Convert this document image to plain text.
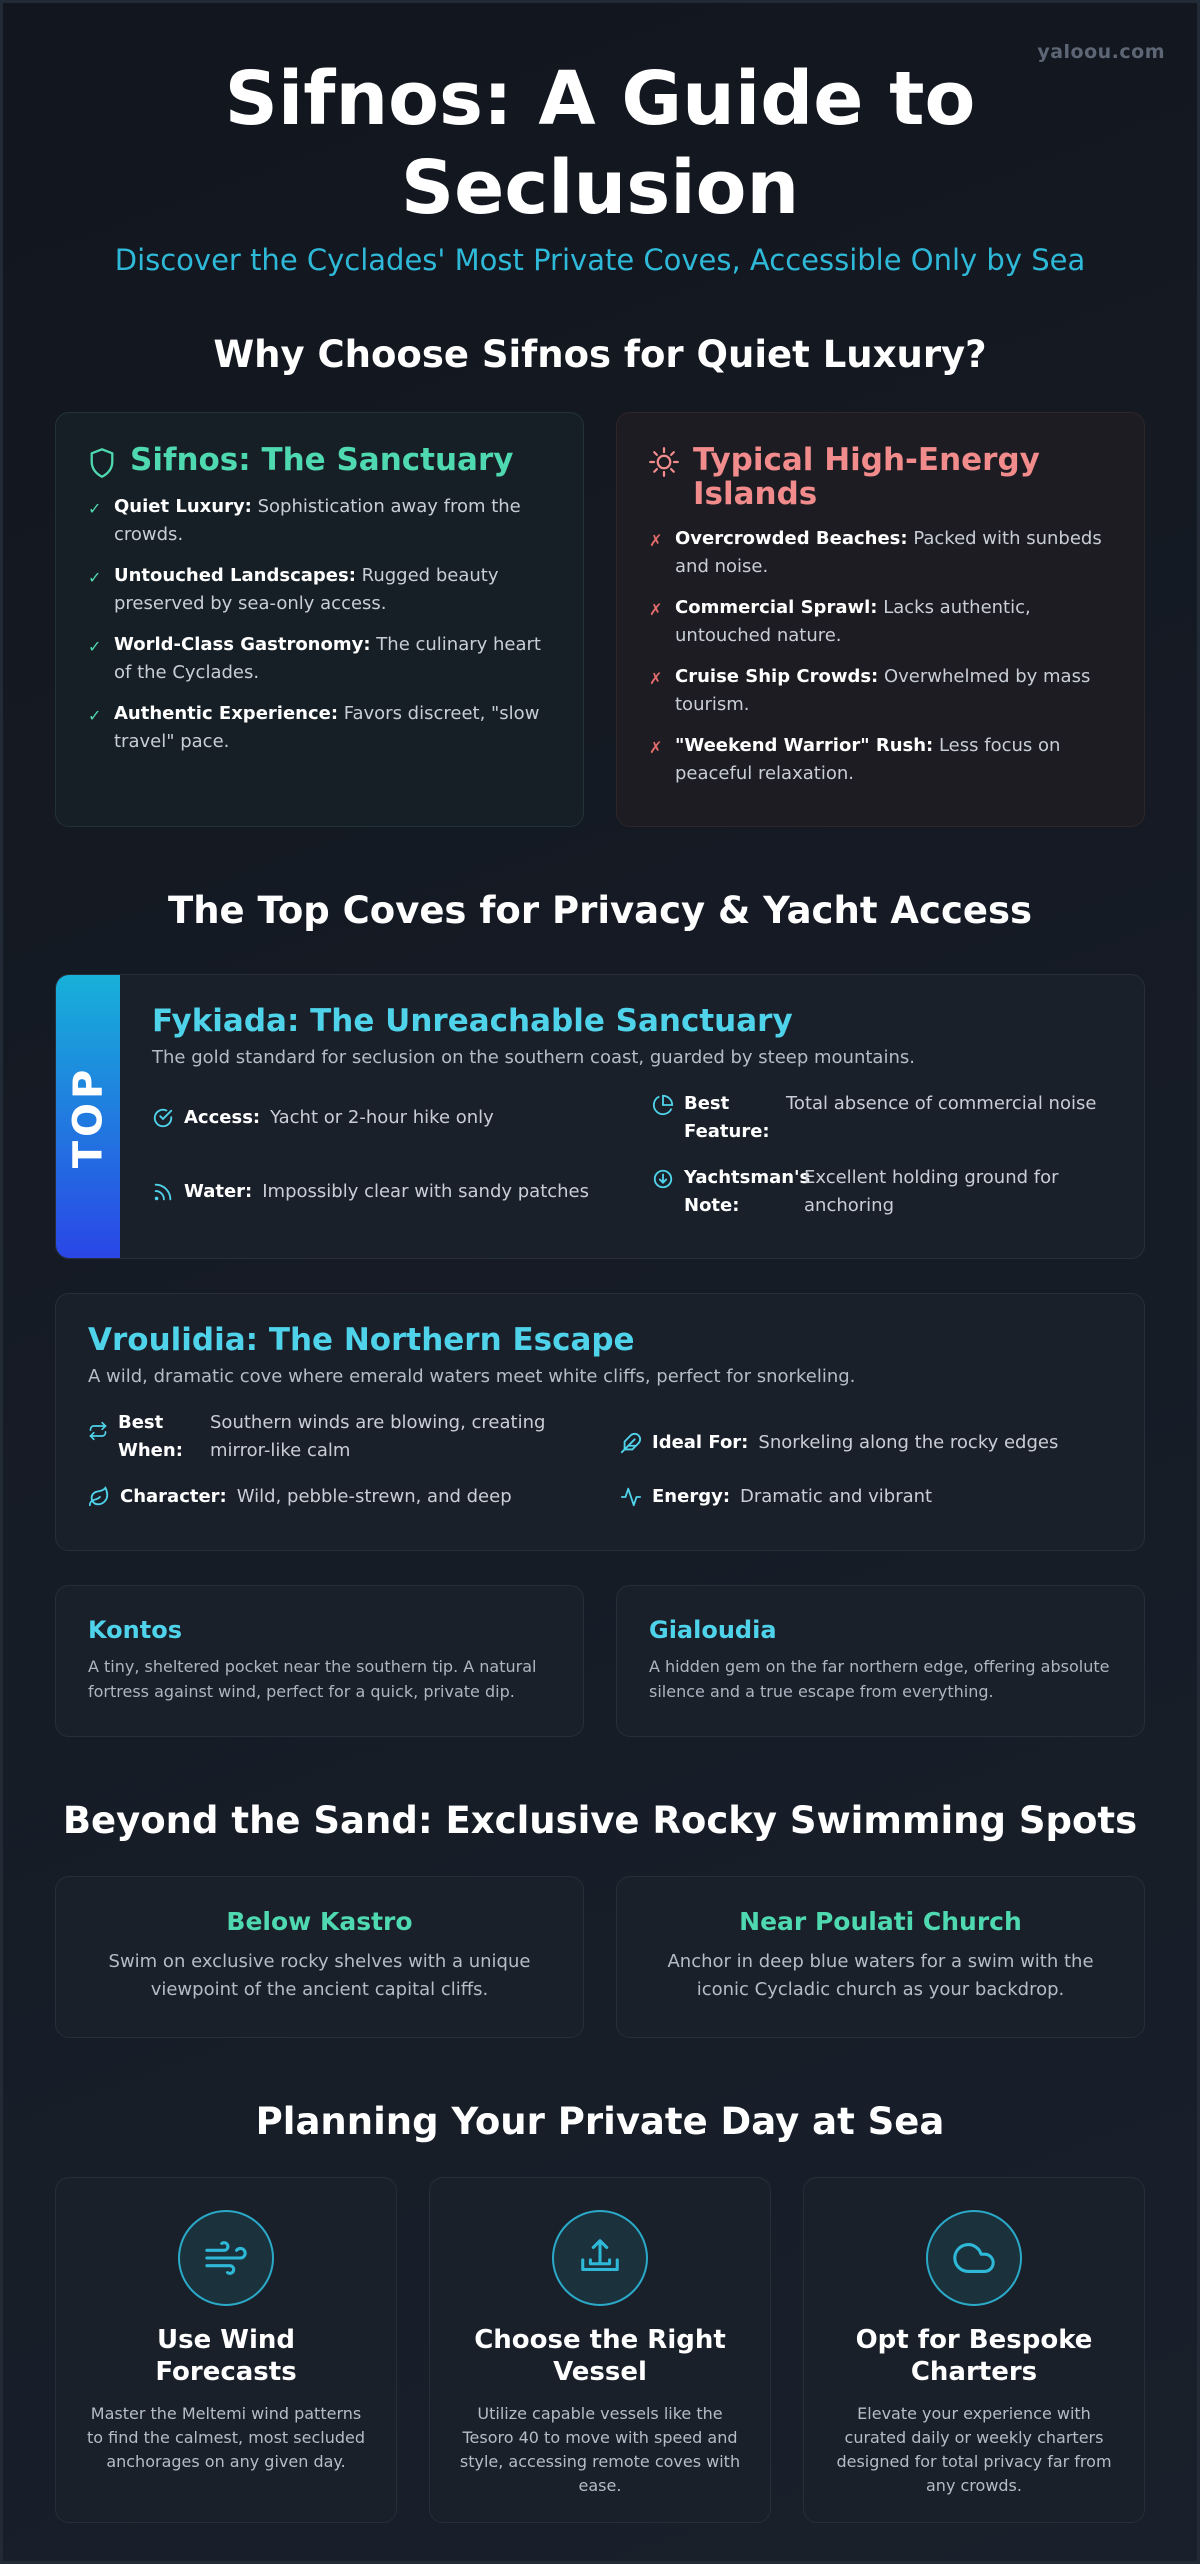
yaloou.com
Sifnos: A Guide to Seclusion

Discover the Cyclades' Most Private Coves, Accessible Only by Sea

Why Choose Sifnos for Quiet Luxury?
Sifnos: The Sanctuary
✓ Quiet Luxury: Sophistication away from the crowds.
✓ Untouched Landscapes: Rugged beauty preserved by sea-only access.
✓ World-Class Gastronomy: The culinary heart of the Cyclades.
✓ Authentic Experience: Favors discreet, "slow travel" pace.
Typical High-Energy Islands
✗ Overcrowded Beaches: Packed with sunbeds and noise.
✗ Commercial Sprawl: Lacks authentic, untouched nature.
✗ Cruise Ship Crowds: Overwhelmed by mass tourism.
✗ "Weekend Warrior" Rush: Less focus on peaceful relaxation.
The Top Coves for Privacy & Yacht Access
TOP
Fykiada: The Unreachable Sanctuary
The gold standard for seclusion on the southern coast, guarded by steep mountains.
Access: Yacht or 2-hour hike only
Best Feature:
Total absence of commercial noise
Water: Impossibly clear with sandy patches
Yachtsman's Note:
Excellent holding ground for anchoring
Vroulidia: The Northern Escape
A wild, dramatic cove where emerald waters meet white cliffs, perfect for snorkeling.
Best When:
Southern winds are blowing, creating mirror-like calm	Ideal For: Snorkeling along the rocky edges
Character: Wild, pebble-strewn, and deep	Energy: Dramatic and vibrant
Kontos
A tiny, sheltered pocket near the southern tip. A natural fortress against wind, perfect for a quick, private dip.
Gialoudia
A hidden gem on the far northern edge, offering absolute silence and a true escape from everything.
Beyond the Sand: Exclusive Rocky Swimming Spots
Below Kastro
Swim on exclusive rocky shelves with a unique viewpoint of the ancient capital cliffs.
Near Poulati Church
Anchor in deep blue waters for a swim with the iconic Cycladic church as your backdrop.
Planning Your Private Day at Sea
Use Wind Forecasts
Master the Meltemi wind patterns to find the calmest, most secluded anchorages on any given day.
Choose the Right Vessel
Utilize capable vessels like the Tesoro 40 to move with speed and style, accessing remote coves with ease.
Opt for Bespoke Charters
Elevate your experience with curated daily or weekly charters designed for total privacy far from any crowds.
